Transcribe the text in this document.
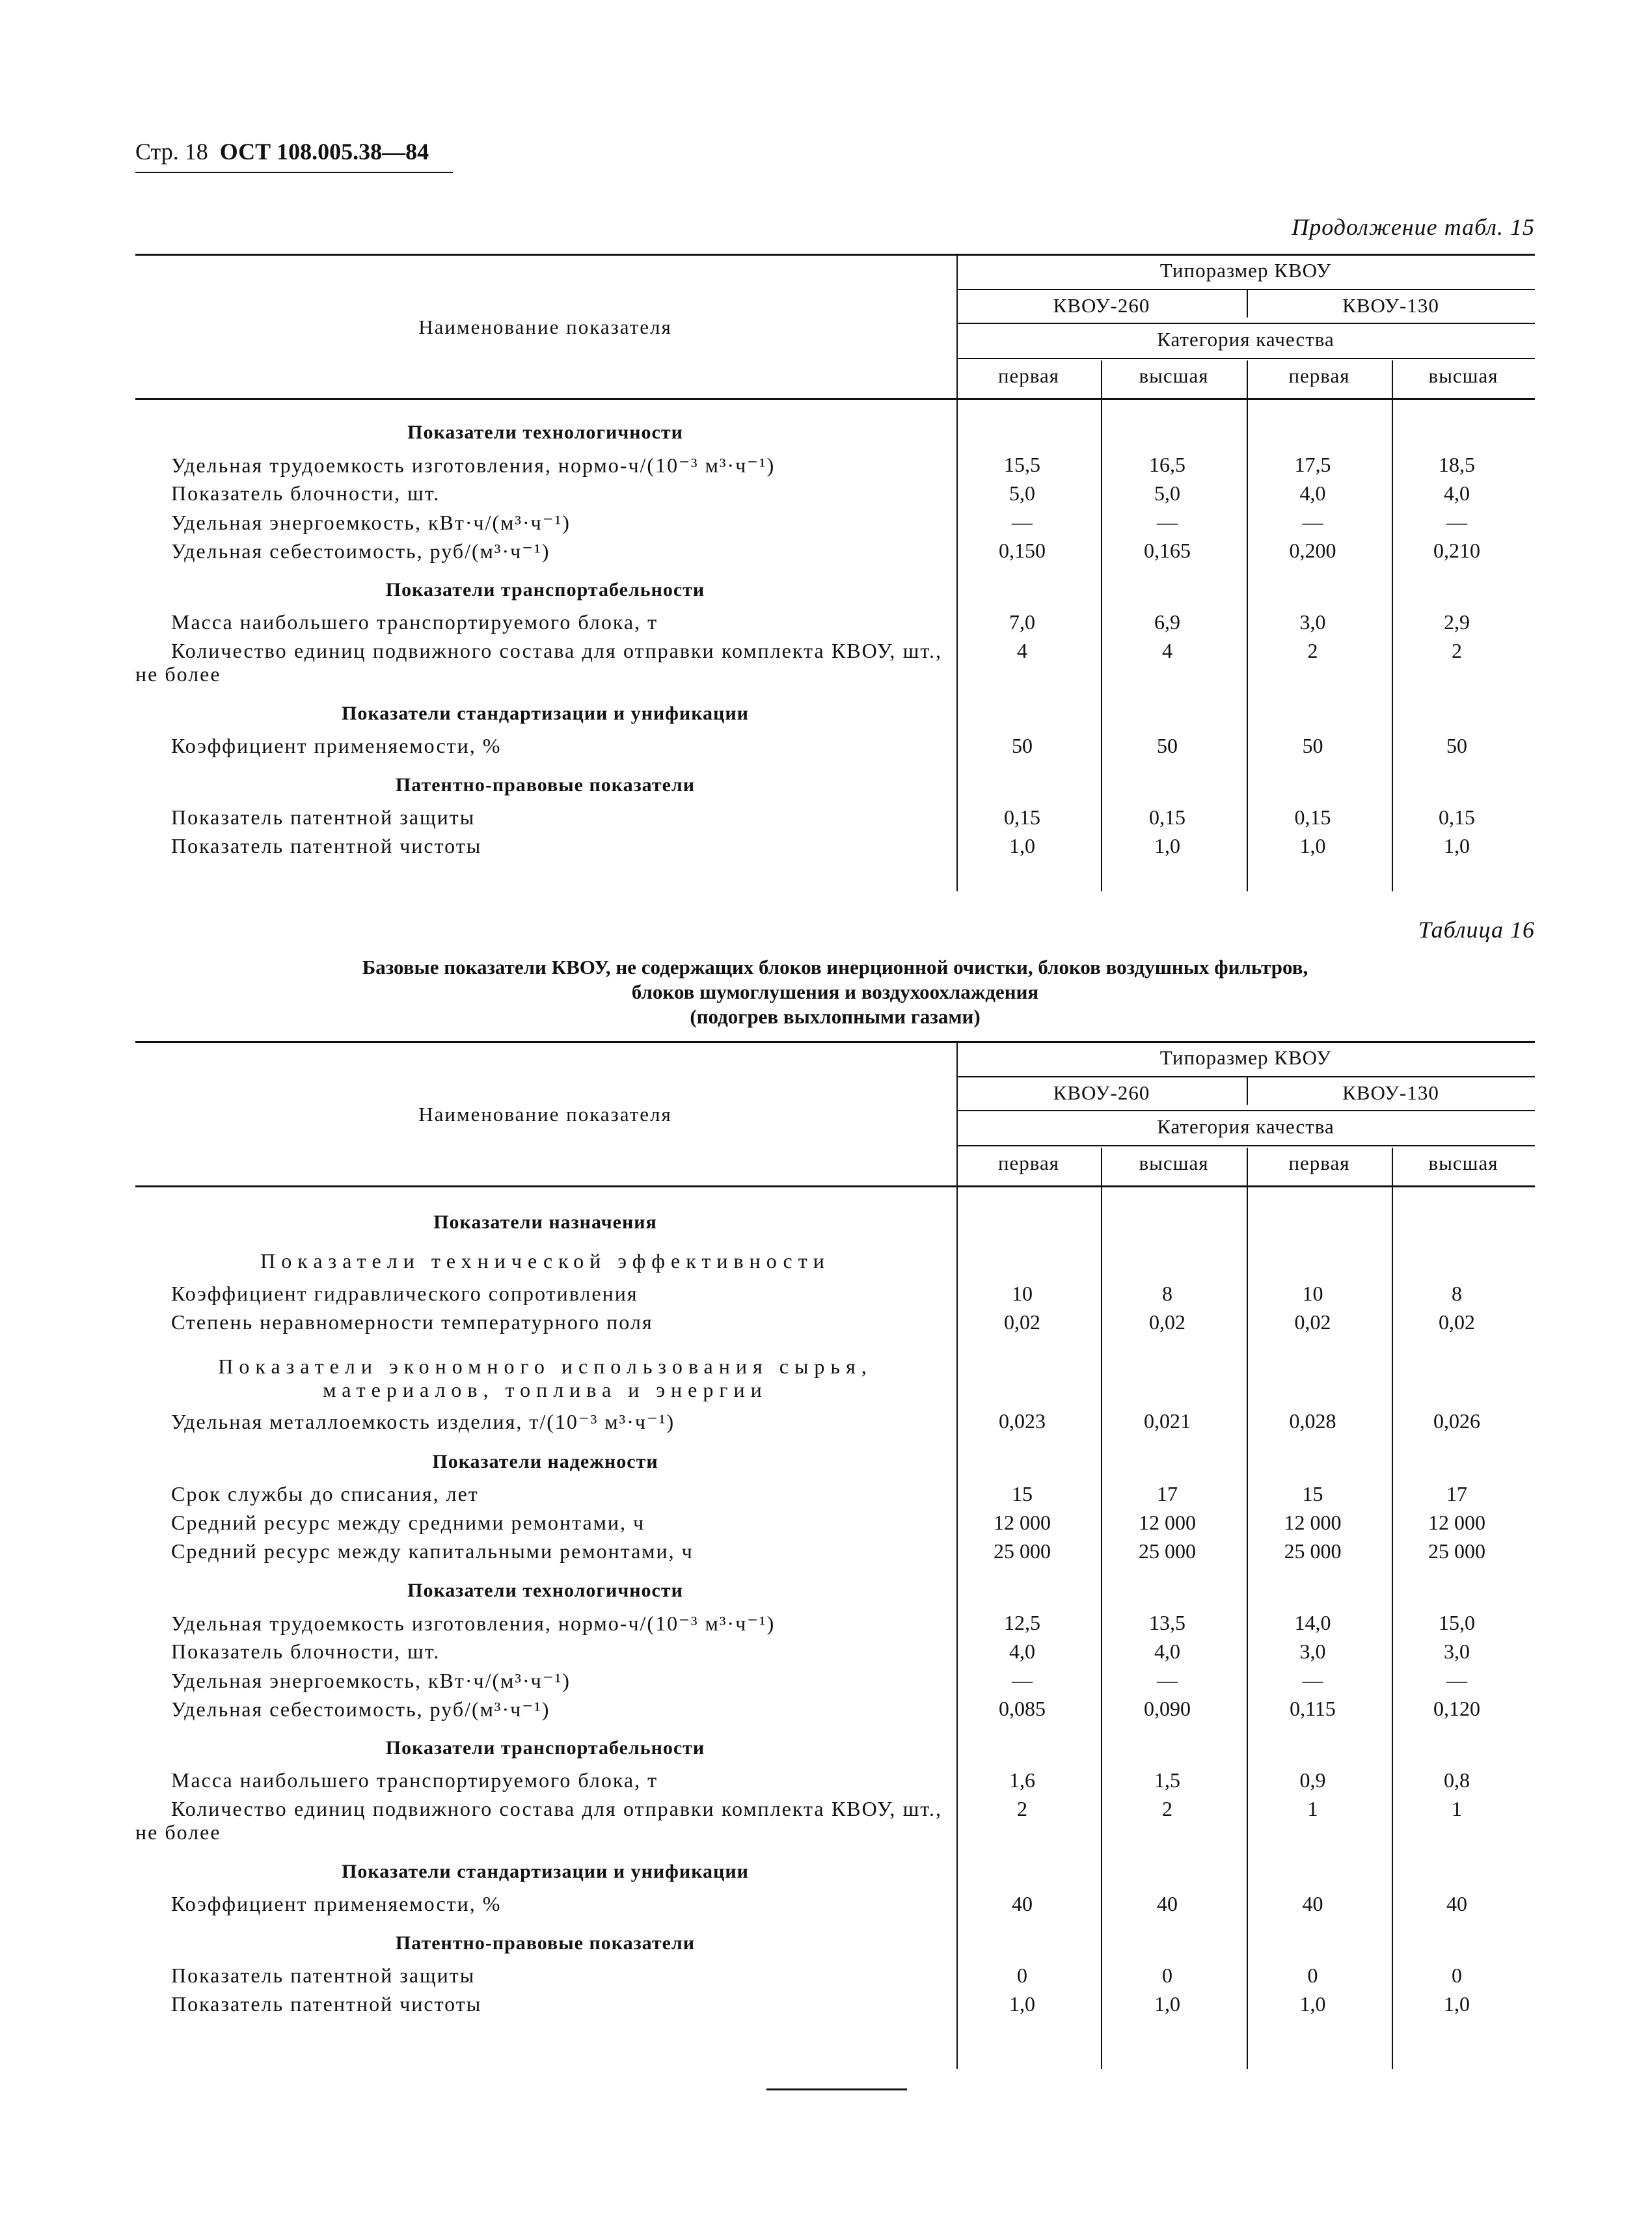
Стр. 18 ОСТ 108.005.38—84
Продолжение табл. 15
Наименование показателя
Типоразмер КВОУ
КВОУ-260	КВОУ-130
Категория качества
первая	высшая	первая	высшая
Показатели технологичности
Удельная трудоемкость изготовления, нормо-ч/(10⁻³ м³·ч⁻¹)	15,5	16,5	17,5	18,5
Показатель блочности, шт.	5,0	5,0	4,0	4,0
Удельная энергоемкость, кВт·ч/(м³·ч⁻¹)	—	—	—	—
Удельная себестоимость, руб/(м³·ч⁻¹)	0,150	0,165	0,200	0,210
Показатели транспортабельности
Масса наибольшего транспортируемого блока, т	7,0	6,9	3,0	2,9
Количество единиц подвижного состава для отправки комплекта КВОУ, шт., не более
4	4	2	2
Показатели стандартизации и унификации
Коэффициент применяемости, %	50	50	50	50
Патентно-правовые показатели
Показатель патентной защиты	0,15	0,15	0,15	0,15
Показатель патентной чистоты	1,0	1,0	1,0	1,0
Таблица 16
Базовые показатели КВОУ, не содержащих блоков инерционной очистки, блоков воздушных фильтров,
блоков шумоглушения и воздухоохлаждения
(подогрев выхлопными газами)
Наименование показателя
Типоразмер КВОУ
КВОУ-260	КВОУ-130
Категория качества
первая	высшая	первая	высшая
Показатели назначения
Показатели технической эффективности
Коэффициент гидравлического сопротивления	10	8	10	8
Степень неравномерности температурного поля	0,02	0,02	0,02	0,02
Показатели экономного использования сырья,
материалов, топлива и энергии
Удельная металлоемкость изделия, т/(10⁻³ м³·ч⁻¹)	0,023	0,021	0,028	0,026
Показатели надежности
Срок службы до списания, лет	15	17	15	17
Средний ресурс между средними ремонтами, ч	12 000	12 000	12 000	12 000
Средний ресурс между капитальными ремонтами, ч	25 000	25 000	25 000	25 000
Показатели технологичности
Удельная трудоемкость изготовления, нормо-ч/(10⁻³ м³·ч⁻¹)	12,5	13,5	14,0	15,0
Показатель блочности, шт.	4,0	4,0	3,0	3,0
Удельная энергоемкость, кВт·ч/(м³·ч⁻¹)	—	—	—	—
Удельная себестоимость, руб/(м³·ч⁻¹)	0,085	0,090	0,115	0,120
Показатели транспортабельности
Масса наибольшего транспортируемого блока, т	1,6	1,5	0,9	0,8
Количество единиц подвижного состава для отправки комплекта КВОУ, шт., не более
2	2	1	1
Показатели стандартизации и унификации
Коэффициент применяемости, %	40	40	40	40
Патентно-правовые показатели
Показатель патентной защиты	0	0	0	0
Показатель патентной чистоты	1,0	1,0	1,0	1,0
